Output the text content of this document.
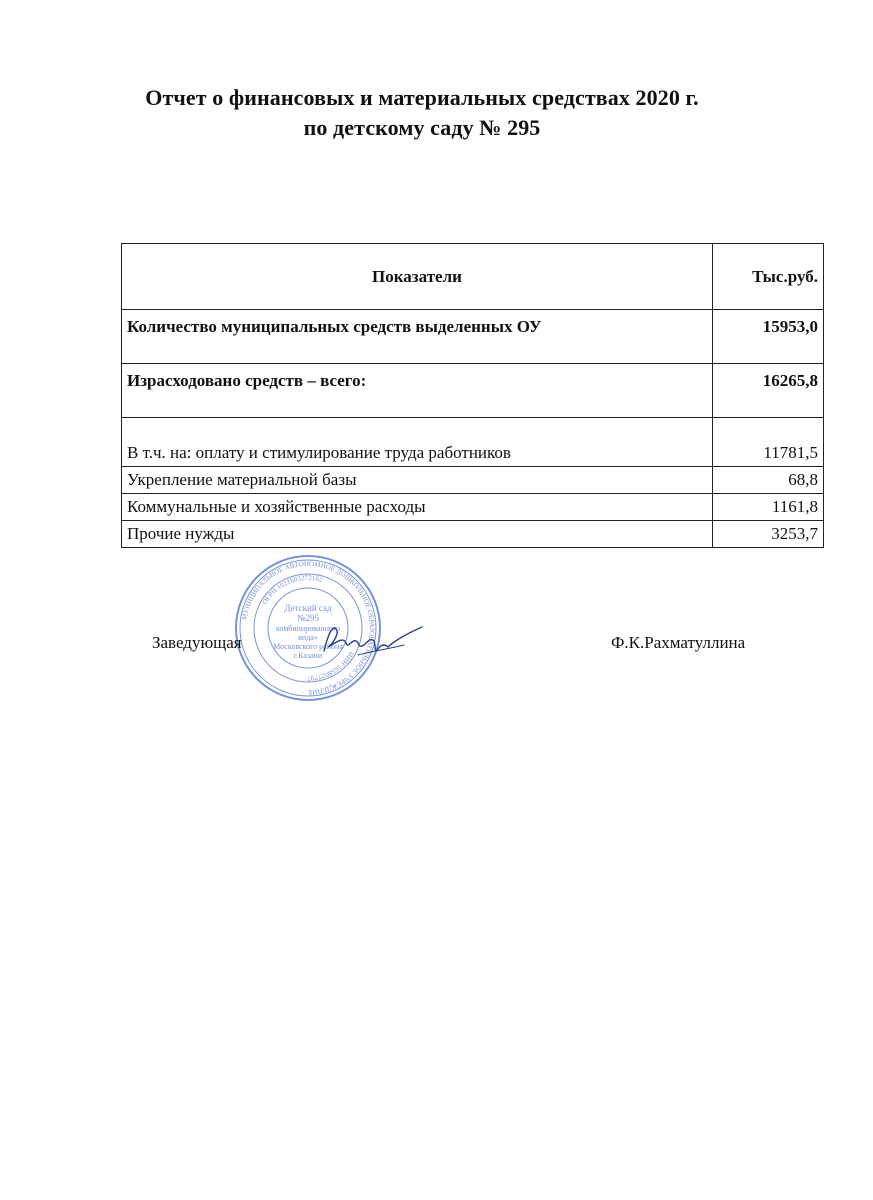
Отчет о финансовых и материальных средствах 2020 г.
по детскому саду № 295
Показатели	Тыс.руб.
Количество муниципальных средств выделенных ОУ	15953,0
Израсходовано средств – всего:	16265,8
В т.ч. на: оплату и стимулирование труда работников	11781,5
Укрепление материальной базы	68,8
Коммунальные и хозяйственные расходы	1161,8
Прочие нужды	3253,7
МУНИЦИПАЛЬНОЕ АВТОНОМНОЕ ДОШКОЛЬНОЕ ОБРАЗОВАТЕЛЬНОЕ УЧРЕЖДЕНИЕ
ОГРН 1021603272162
ИНН 1658027797
Детский сад
№295
комбинированного
вида»
Московского района
г.Казани
Заведующая	Ф.К.Рахматуллина
